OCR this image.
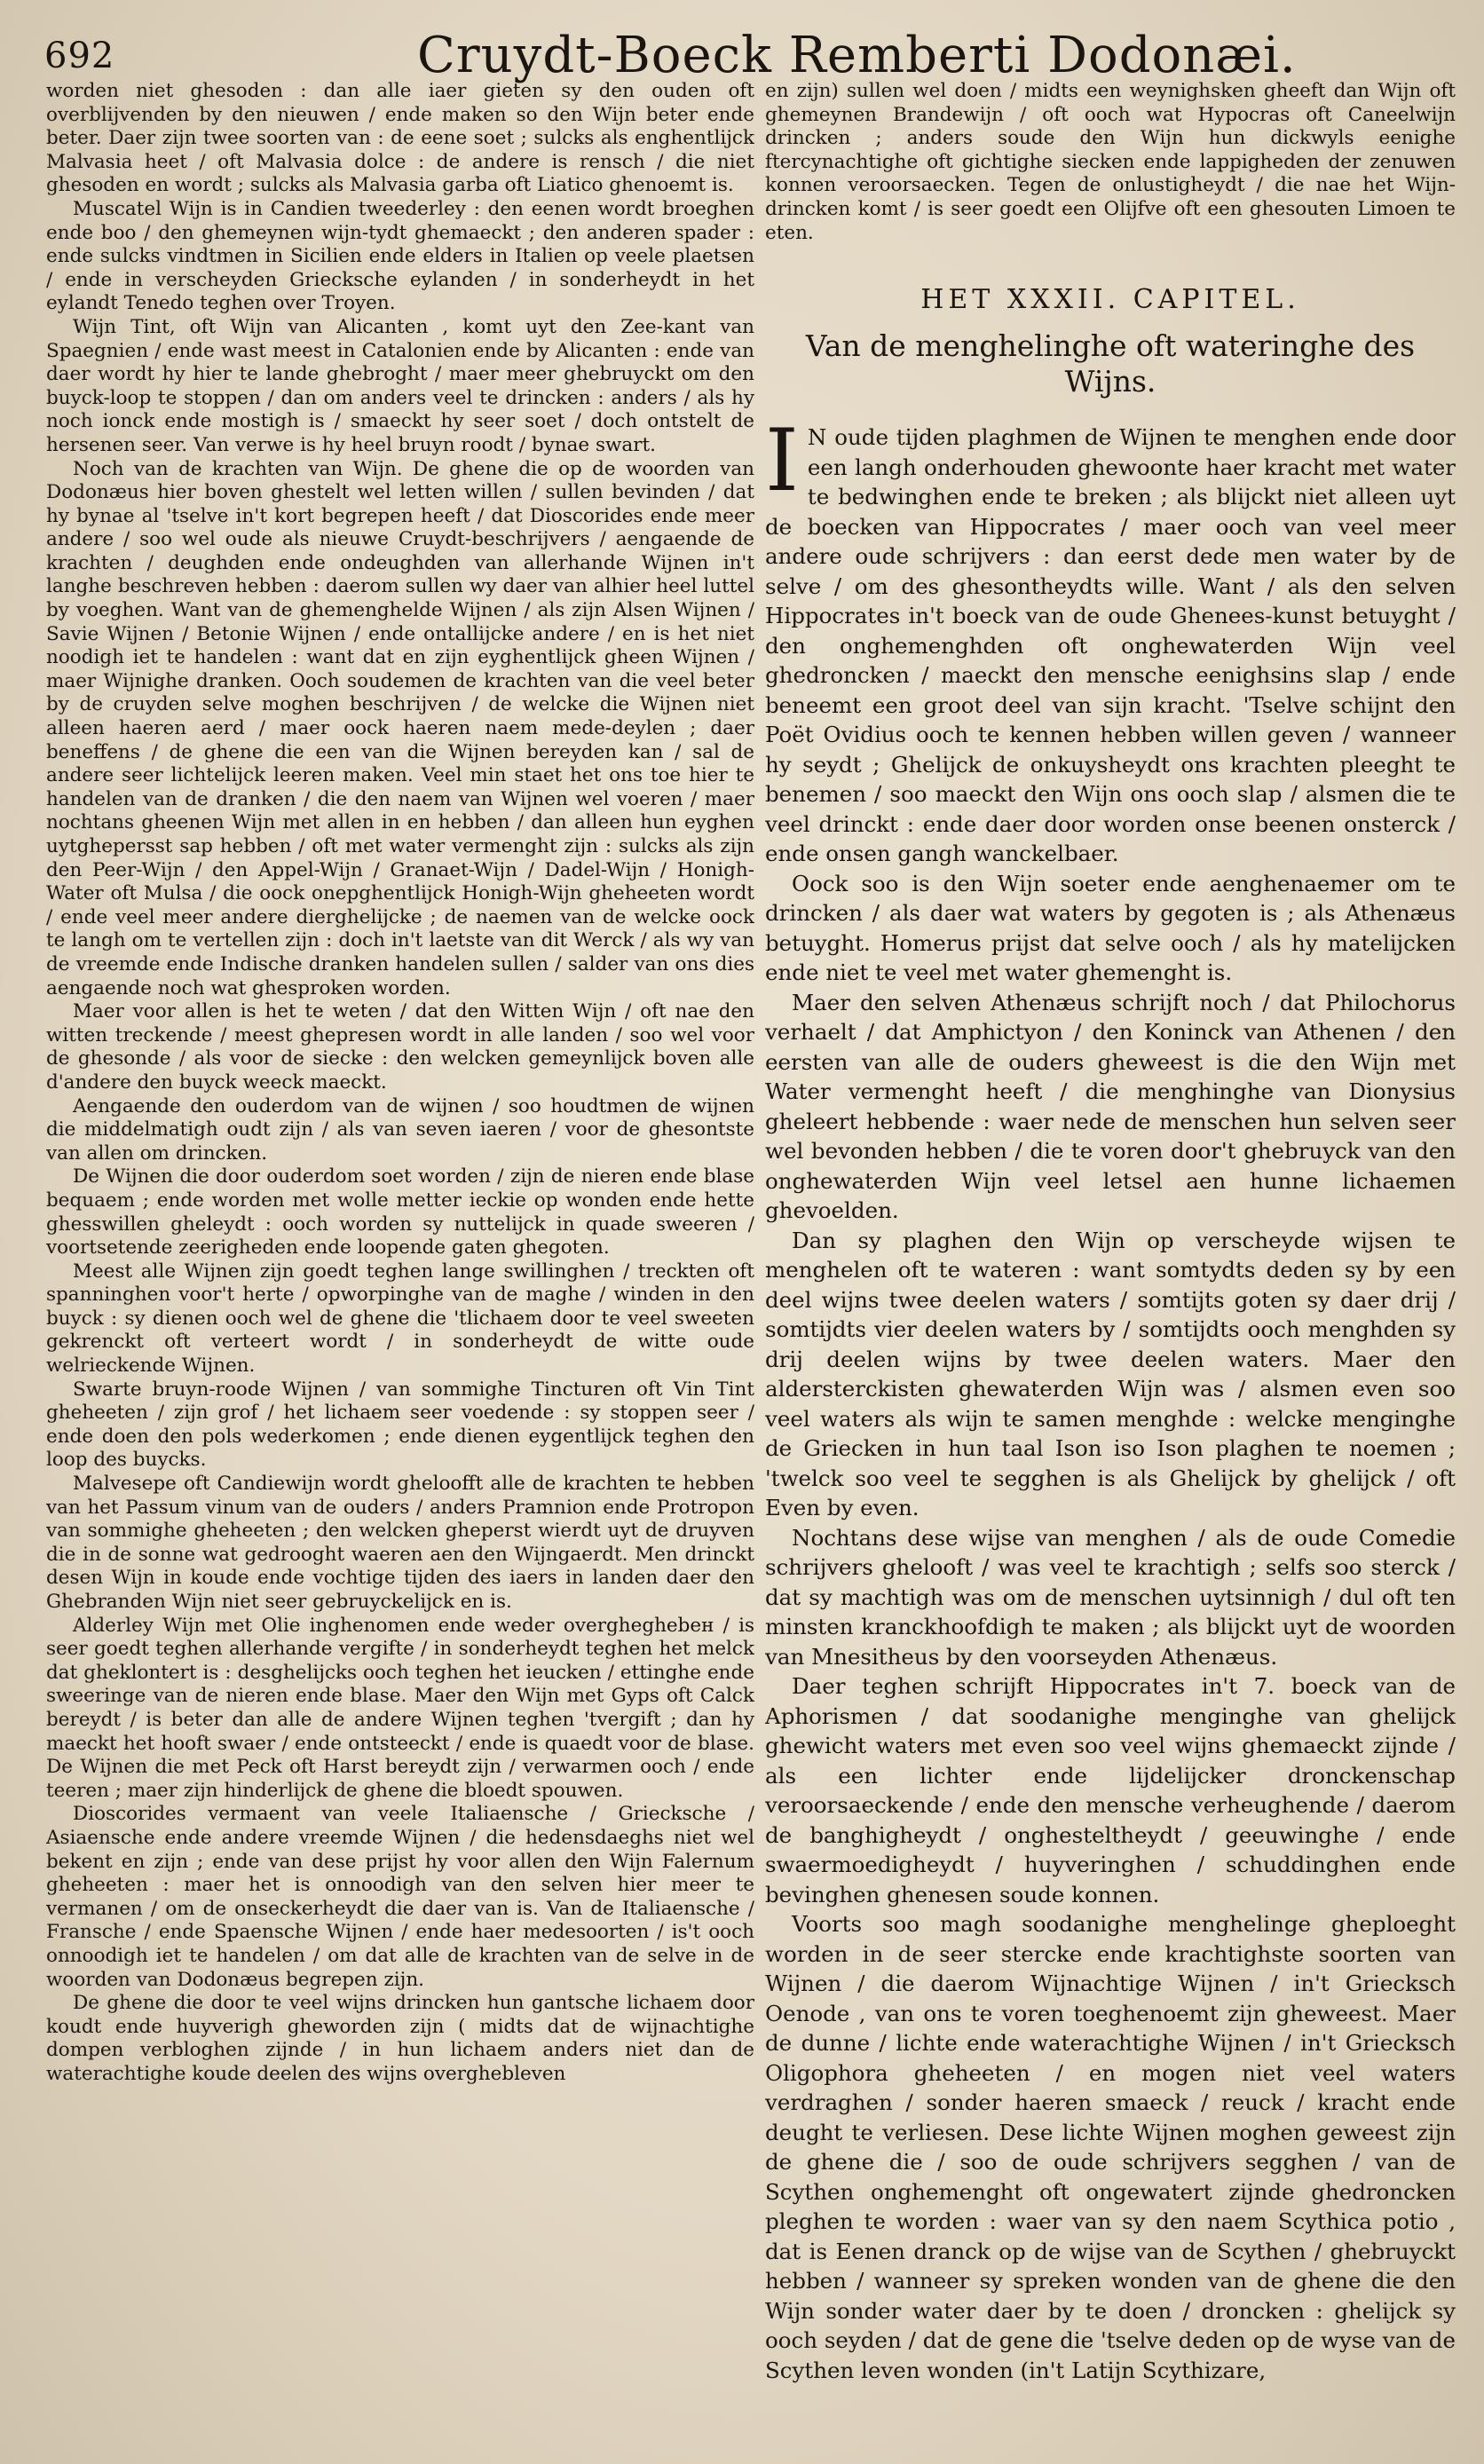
692	Cruydt-Boeck Remberti Dodonæi.

worden niet ghesoden : dan alle iaer gieten sy den ouden oft overblijvenden by den nieuwen / ende maken so den Wijn beter ende beter. Daer zijn twee soorten van : de eene soet ; sulcks als enghentlijck Malvasia heet / oft Malvasia dolce : de andere is rensch / die niet ghesoden en wordt ; sulcks als Malvasia garba oft Liatico ghenoemt is.

Muscatel Wijn is in Candien tweederley : den eenen wordt broeghen ende boo / den ghemeynen wijn-tydt ghemaeckt ; den anderen spader : ende sulcks vindtmen in Sicilien ende elders in Italien op veele plaetsen / ende in verscheyden Griecksche eylanden / in sonderheydt in het eylandt Tenedo teghen over Troyen.

Wijn Tint, oft Wijn van Alicanten , komt uyt den Zee-kant van Spaegnien / ende wast meest in Catalonien ende by Alicanten : ende van daer wordt hy hier te lande ghebroght / maer meer ghebruyckt om den buyck-loop te stoppen / dan om anders veel te drincken : anders / als hy noch ionck ende mostigh is / smaeckt hy seer soet / doch ontstelt de hersenen seer. Van verwe is hy heel bruyn roodt / bynae swart.

Noch van de krachten van Wijn. De ghene die op de woorden van Dodonæus hier boven ghestelt wel letten willen / sullen bevinden / dat hy bynae al 'tselve in't kort begrepen heeft / dat Dioscorides ende meer andere / soo wel oude als nieuwe Cruydt-beschrijvers / aengaende de krachten / deughden ende ondeughden van allerhande Wijnen in't langhe beschreven hebben : daerom sullen wy daer van alhier heel luttel by voeghen. Want van de ghemenghelde Wijnen / als zijn Alsen Wijnen / Savie Wijnen / Betonie Wijnen / ende ontallijcke andere / en is het niet noodigh iet te handelen : want dat en zijn eyghentlijck gheen Wijnen / maer Wijnighe dranken. Ooch soudemen de krachten van die veel beter by de cruyden selve moghen beschrijven / de welcke die Wijnen niet alleen haeren aerd / maer oock haeren naem mede-deylen ; daer beneffens / de ghene die een van die Wijnen bereyden kan / sal de andere seer lichtelijck leeren maken. Veel min staet het ons toe hier te handelen van de dranken / die den naem van Wijnen wel voeren / maer nochtans gheenen Wijn met allen in en hebben / dan alleen hun eyghen uytghepersst sap hebben / oft met water vermenght zijn : sulcks als zijn den Peer-Wijn / den Appel-Wijn / Granaet-Wijn / Dadel-Wijn / Honigh-Water oft Mulsa / die oock onepghentlijck Honigh-Wijn gheheeten wordt / ende veel meer andere dierghelijcke ; de naemen van de welcke oock te langh om te vertellen zijn : doch in't laetste van dit Werck / als wy van de vreemde ende Indische dranken handelen sullen / salder van ons dies aengaende noch wat ghesproken worden.

Maer voor allen is het te weten / dat den Witten Wijn / oft nae den witten treckende / meest ghepresen wordt in alle landen / soo wel voor de ghesonde / als voor de siecke : den welcken gemeynlijck boven alle d'andere den buyck weeck maeckt.

Aengaende den ouderdom van de wijnen / soo houdtmen de wijnen die middelmatigh oudt zijn / als van seven iaeren / voor de ghesontste van allen om drincken.

De Wijnen die door ouderdom soet worden / zijn de nieren ende blase bequaem ; ende worden met wolle metter ieckie op wonden ende hette ghesswillen gheleydt : ooch worden sy nuttelijck in quade sweeren / voortsetende zeerigheden ende loopende gaten ghegoten.

Meest alle Wijnen zijn goedt teghen lange swillinghen / treckten oft spanninghen voor't herte / opworpinghe van de maghe / winden in den buyck : sy dienen ooch wel de ghene die 'tlichaem door te veel sweeten gekrenckt oft vertеert wordt / in sonderheydt de witte oude welrieckende Wijnen.

Swarte bruyn-roode Wijnen / van sommighe Tincturen oft Vin Tint gheheeten / zijn grof / het lichaem seer voedende : sy stoppen seer / ende doen den pols wederkomen ; ende dienen eygentlijck teghen den loop des buycks.

Malvesepe oft Candiewijn wordt gheloofft alle de krachten te hebben van het Passum vinum van de ouders / anders Pramnion ende Protropon van sommighe gheheeten ; den welcken gheperst wierdt uyt de druyven die in de sonne wat gedrooght waeren aen den Wijngaerdt. Men drinckt desen Wijn in koude ende vochtige tijden des iaers in landen daer den Ghebranden Wijn niet seer gebruyckelijck en is.

Alderley Wijn met Olie inghenomen ende weder overgheghebeн / is seer goedt teghen allerhande vergifte / in sonderheydt teghen het melck dat ghеklontert is : desghelijcks ooch teghen het ieucken / ettinghe ende sweeringe van de nieren ende blase. Maer den Wijn met Gyps oft Calck bereydt / is beter dan alle de andere Wijnen teghen 'tvergift ; dan hy maeckt het hooft swaer / ende ontsteeckt / ende is quaedt voor de blase. De Wijnen die met Peck oft Harst bereydt zijn / verwarmen ooch / ende teeren ; maer zijn hinderlijck de ghene die bloedt spouwen.

Dioscorides vermaent van veele Italiaensche / Griecksche / Asiaensche ende andere vreemde Wijnen / die hedensdaeghs niet wel bekent en zijn ; ende van dese prijst hy voor allen den Wijn Falernum gheheeten : maer het is onnoodigh van den selven hier meer te vermanen / om de onseckerheydt die daer van is. Van de Italiaensche / Fransche / ende Spaensche Wijnen / ende haer medesoorten / is't ooch onnoodigh iet te handelen / om dat alle de krachten van de selve in de woorden van Dodonæus begrepen zijn.

De ghene die door te veel wijns drincken hun gantsche lichaem door koudt ende huyverigh ghеworden zijn ( midts dat de wijnachtighe dompen verbloghen zijnde / in hun lichaem anders niet dan de waterachtighe koude deelen des wijns overghebleven

en zijn) sullen wel doen / midts een weynighsken gheeft dan Wijn oft ghemeynen Brandewijn / oft ooch wat Hypocras oft Caneelwijn drincken ; anders soude den Wijn hun dickwyls eenighe ftercynachtighe oft gichtighe siecken ende lappigheden der zenuwen konnen veroorsaecken. Tegen de onlustigheydt / die nae het Wijn-drincken komt / is seer goedt een Olijfve oft een ghesouten Limoen te eten.

HET XXXII. CAPITEL.
Van de menghelinghe oft wateringhe des Wijns.

I N oude tijden plaghmen de Wijnen te menghen ende door een langh onderhouden ghewoonte haer kracht met water te bedwinghen ende te breken ; als blijckt niet alleen uyt de boecken van Hippocrates / maer ooch van veel meer andere oude schrijvers : dan eerst dede men water by de selve / om des ghesontheydts wille. Want / als den selven Hippocrates in't boeck van de oude Ghenees-kunst betuyght / den onghemenghden oft onghewaterden Wijn veel ghedroncken / maeckt den mensche eenighsins slap / ende beneemt een groot deel van sijn kracht. 'Tselve schijnt den Poët Ovidius ooch te kennen hebben willen gеven / wanneer hy seydt ; Ghelijck de onkuysheydt ons krachten pleeght te benemen / soo maeckt den Wijn ons ooch slap / alsmen die te veel drinckt : ende daer door worden onse beenen onsterck / ende onsen gangh wanckelbaer.

Oock soo is den Wijn soeter ende aenghenaemer om te drincken / als daer wat waters by gegoten is ; als Athenæus betuyght. Homerus prijst dat selve ooch / als hy matelijcken ende niet te veel met water ghemenght is.

Maer den selven Athenæus schrijft noch / dat Philochorus verhaelt / dat Amphictyon / den Koninck van Athenen / den eersten van alle de ouders gheweest is die den Wijn met Water vermenght heeft / die menghinghe van Dionysius gheleert hebbende : waer nede de menschen hun selven seer wel bevonden hebben / die te voren door't ghebruyck van den onghewaterden Wijn veel letsel aen hunne lichaemen ghevoelden.

Dan sy plaghen den Wijn op verscheyde wijsen te menghelen oft te wateren : want somtydts deden sy by een deel wijns twee deelen waters / somtijts goten sy daer drij / somtijdts vier deelen waters by / somtijdts ooch menghden sy drij deelen wijns by twee deelen waters. Maer den aldersterckisten ghewaterden Wijn was / alsmen even soo veel waters als wijn te samen menghde : welcke menginghe de Griecken in hun taal Ison iso Ison plaghen te noemen ; 'twelck soo veel te segghen is als Ghelijck by ghelijck / oft Even by even.

Nochtans dese wijse van menghen / als de oude Comedie schrijvers ghelooft / was veel te krachtigh ; selfs soo sterck / dat sy machtigh was om de menschen uytsinnigh / dul oft ten minsten kranckhoofdigh te maken ; als blijckt uyt de woorden van Mnesitheus by den voorseyden Athenæus.

Daer teghen schrijft Hippocrates in't 7. boeck van de Aphorismen / dat soodanighe menginghe van ghelijck ghewicht waters met even soo veel wijns ghemaeckt zijnde / als een lichter ende lijdelijcker dronckenschap veroorsaeckende / ende den mensche verheughende / daerom de banghigheydt / onghesteltheydt / geeuwinghe / ende swaermoedigheydt / huyveringhen / schuddinghen ende bevinghen ghenesen soude konnen.

Voorts soo magh soodanighe menghelinge gheploeght worden in de seer stercke ende krachtighste soorten van Wijnen / die daerom Wijnachtige Wijnen / in't Griecksch Oenode , van ons te voren toeghenoemt zijn gheweest. Maer de dunne / lichte ende waterachtighe Wijnen / in't Griecksch Oligophora gheheeten / en mogen niet veel waters verdraghen / sonder haeren smaeck / reuck / kracht ende deught te verliesen. Dese lichte Wijnen moghen geweest zijn de ghene die / soo de oude schrijvers segghen / van de Scythen onghemenght oft ongewatert zijnde ghedroncken pleghen te worden : waer van sy den naem Scythica potio , dat is Eenen dranck op de wijse van de Scythen / ghebruyckt hebben / wanneer sy spreken wonden van de ghene die den Wijn sonder water daer by te doen / droncken : ghelijck sy ooch seyden / dat de gene die 'tselve deden op de wyse van de Scythen leven wonden (in't Latijn Scythizare,
